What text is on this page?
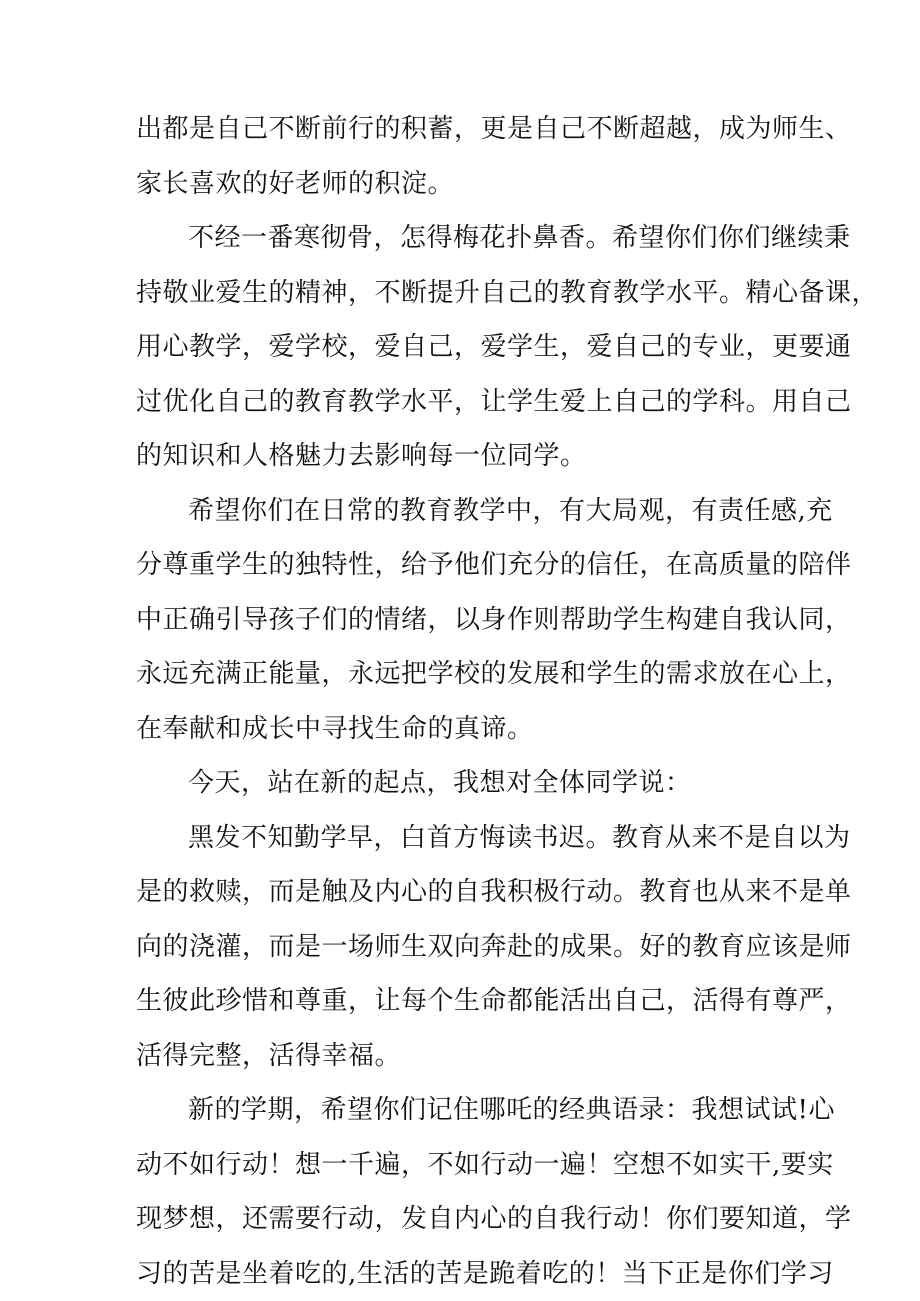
出都是自己不断前行的积蓄，更是自己不断超越，成为师生、
家长喜欢的好老师的积淀。
不经一番寒彻骨，怎得梅花扑鼻香。希望你们你们继续秉
持敬业爱生的精神，不断提升自己的教育教学水平。精心备课，
用心教学，爱学校，爱自己，爱学生，爱自己的专业，更要通
过优化自己的教育教学水平，让学生爱上自己的学科。用自己
的知识和人格魅力去影响每一位同学。
希望你们在日常的教育教学中，有大局观，有责任感,充
分尊重学生的独特性，给予他们充分的信任，在高质量的陪伴
中正确引导孩子们的情绪，以身作则帮助学生构建自我认同，
永远充满正能量，永远把学校的发展和学生的需求放在心上，
在奉献和成长中寻找生命的真谛。
今天，站在新的起点，我想对全体同学说：
黑发不知勤学早，白首方悔读书迟。教育从来不是自以为
是的救赎，而是触及内心的自我积极行动。教育也从来不是单
向的浇灌，而是一场师生双向奔赴的成果。好的教育应该是师
生彼此珍惜和尊重，让每个生命都能活出自己，活得有尊严，
活得完整，活得幸福。
新的学期，希望你们记住哪吒的经典语录：我想试试!心
动不如行动！想一千遍，不如行动一遍！空想不如实干,要实
现梦想，还需要行动，发自内心的自我行动！你们要知道，学
习的苦是坐着吃的,生活的苦是跪着吃的！当下正是你们学习
